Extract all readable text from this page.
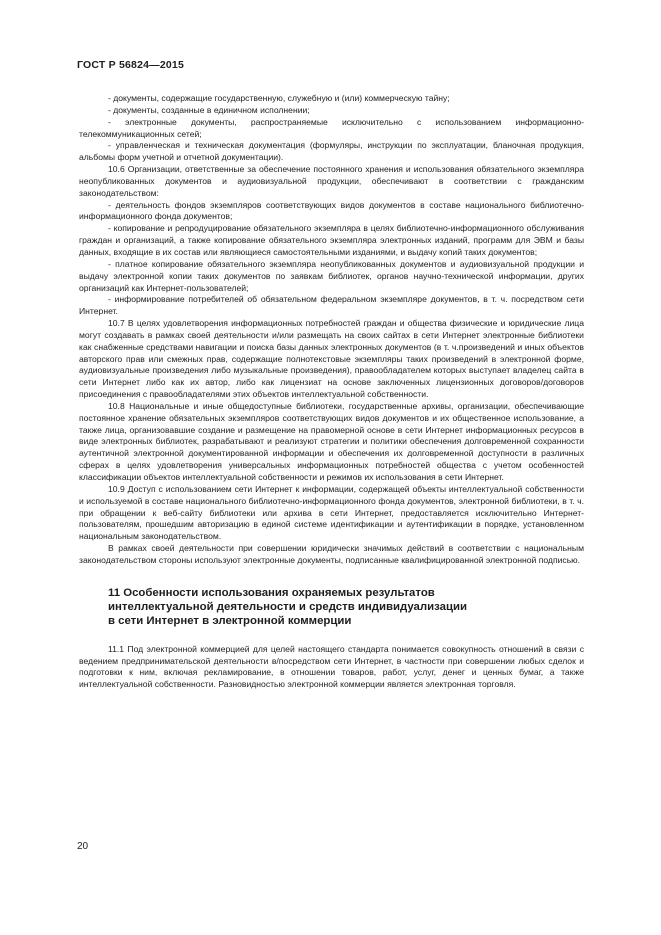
ГОСТ Р 56824—2015

- документы, содержащие государственную, служебную и (или) коммерческую тайну;

- документы, созданные в единичном исполнении;

- электронные документы, распространяемые исключительно с использованием информационно-телекоммуникационных сетей;

- управленческая и техническая документация (формуляры, инструкции по эксплуатации, бланочная продукция, альбомы форм учетной и отчетной документации).

10.6 Организации, ответственные за обеспечение постоянного хранения и использования обязательного экземпляра неопубликованных документов и аудиовизуальной продукции, обеспечивают в соответствии с гражданским законодательством:

- деятельность фондов экземпляров соответствующих видов документов в составе национального библиотечно-информационного фонда документов;

- копирование и репродуцирование обязательного экземпляра в целях библиотечно-информационного обслуживания граждан и организаций, а также копирование обязательного экземпляра электронных изданий, программ для ЭВМ и базы данных, входящие в их состав или являющиеся самостоятельными изданиями, и выдачу копий таких документов;

- платное копирование обязательного экземпляра неопубликованных документов и аудиовизуальной продукции и выдачу электронной копии таких документов по заявкам библиотек, органов научно-технической информации, других организаций как Интернет-пользователей;

- информирование потребителей об обязательном федеральном экземпляре документов, в т. ч. посредством сети Интернет.

10.7 В целях удовлетворения информационных потребностей граждан и общества физические и юридические лица могут создавать в рамках своей деятельности и/или размещать на своих сайтах в сети Интернет электронные библиотеки как снабженные средствами навигации и поиска базы данных электронных документов (в т. ч.произведений и иных объектов авторского прав или смежных прав, содержащие полнотекстовые экземпляры таких произведений в электронной форме, аудиовизуальные произведения либо музыкальные произведения), правообладателем которых выступает владелец сайта в сети Интернет либо как их автор, либо как лицензиат на основе заключенных лицензионных договоров/договоров присоединения с правообладателями этих объектов интеллектуальной собственности.

10.8 Национальные и иные общедоступные библиотеки, государственные архивы, организации, обеспечивающие постоянное хранение обязательных экземпляров соответствующих видов документов и их общественное использование, а также лица, организовавшие создание и размещение на правомерной основе в сети Интернет информационных ресурсов в виде электронных библиотек, разрабатывают и реализуют стратегии и политики обеспечения долговременной сохранности аутентичной электронной документированной информации и обеспечения их долговременной доступности в различных сферах в целях удовлетворения универсальных информационных потребностей общества с учетом особенностей классификации объектов интеллектуальной собственности и режимов их использования в сети Интернет.

10.9 Доступ с использованием сети Интернет к информации, содержащей объекты интеллектуальной собственности и используемой в составе национального библиотечно-информационного фонда документов, электронной библиотеки, в т. ч. при обращении к веб-сайту библиотеки или архива в сети Интернет, предоставляется исключительно Интернет-пользователям, прошедшим авторизацию в единой системе идентификации и аутентификации в порядке, установленном национальным законодательством.

В рамках своей деятельности при совершении юридически значимых действий в соответствии с национальным законодательством стороны используют электронные документы, подписанные квалифицированной электронной подписью.

11 Особенности использования охраняемых результатов
интеллектуальной деятельности и средств индивидуализации
в сети Интернет в электронной коммерции

11.1 Под электронной коммерцией для целей настоящего стандарта понимается совокупность отношений в связи с ведением предпринимательской деятельности в/посредством сети Интернет, в частности при совершении любых сделок и подготовки к ним, включая рекламирование, в отношении товаров, работ, услуг, денег и ценных бумаг, а также интеллектуальной собственности. Разновидностью электронной коммерции является электронная торговля.

20
